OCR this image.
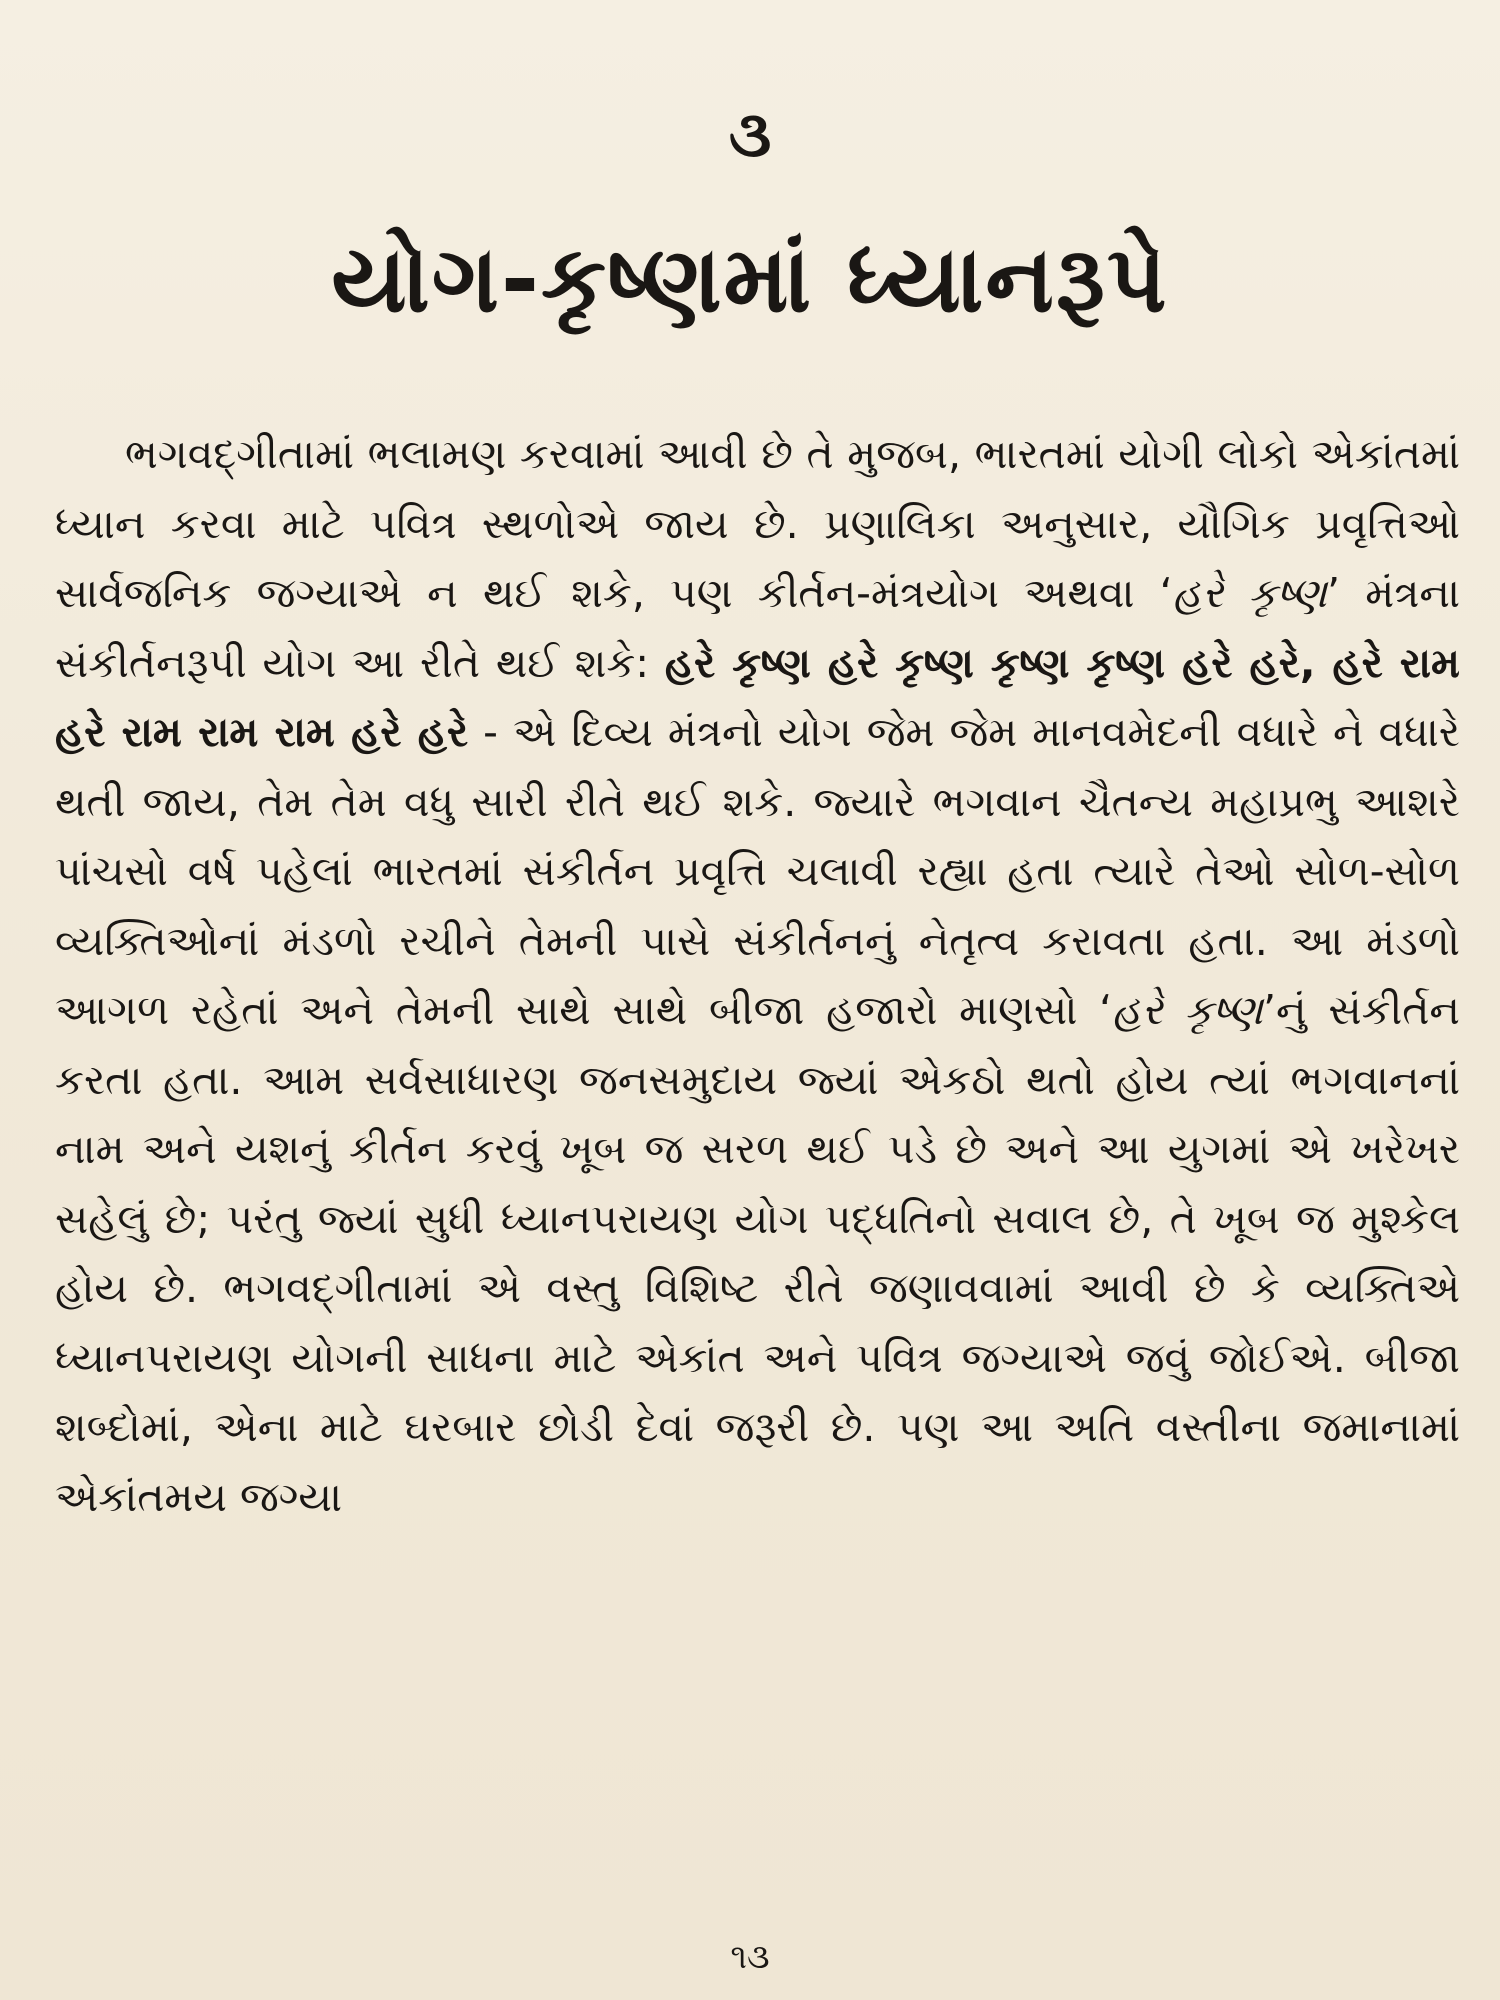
૩
યોગ-કૃષ્ણમાં ધ્યાનરૂપે

ભગવદ્ગીતામાં ભલામણ કરવામાં આવી છે તે મુજબ, ભારતમાં યોગી લોકો એકાંતમાં ધ્યાન કરવા માટે પવિત્ર સ્થળોએ જાય છે. પ્રણાલિકા અનુસાર, યૌગિક પ્રવૃત્તિઓ સાર્વજનિક જગ્યાએ ન થઈ શકે, પણ કીર્તન-મંત્રયોગ અથવા ‘હરે કૃષ્ણ’ મંત્રના સંકીર્તનરૂપી યોગ આ રીતે થઈ શકે: હરે કૃષ્ણ હરે કૃષ્ણ કૃષ્ણ કૃષ્ણ હરે હરે, હરે રામ હરે રામ રામ રામ હરે હરે - એ દિવ્ય મંત્રનો યોગ જેમ જેમ માનવમેદની વધારે ને વધારે થતી જાય, તેમ તેમ વધુ સારી રીતે થઈ શકે. જ્યારે ભગવાન ચૈતન્ય મહાપ્રભુ આશરે પાંચસો વર્ષ પહેલાં ભારતમાં સંકીર્તન પ્રવૃત્તિ ચલાવી રહ્યા હતા ત્યારે તેઓ સોળ-સોળ વ્યક્તિઓનાં મંડળો રચીને તેમની પાસે સંકીર્તનનું નેતૃત્વ કરાવતા હતા. આ મંડળો આગળ રહેતાં અને તેમની સાથે સાથે બીજા હજારો માણસો ‘હરે કૃષ્ણ’નું સંકીર્તન કરતા હતા. આમ સર્વસાધારણ જનસમુદાય જ્યાં એકઠો થતો હોય ત્યાં ભગવાનનાં નામ અને યશનું કીર્તન કરવું ખૂબ જ સરળ થઈ પડે છે અને આ યુગમાં એ ખરેખર સહેલું છે; પરંતુ જ્યાં સુધી ધ્યાનપરાયણ યોગ પદ્ધતિનો સવાલ છે, તે ખૂબ જ મુશ્કેલ હોય છે. ભગવદ્ગીતામાં એ વસ્તુ વિશિષ્ટ રીતે જણાવવામાં આવી છે કે વ્યક્તિએ ધ્યાનપરાયણ યોગની સાધના માટે એકાંત અને પવિત્ર જગ્યાએ જવું જોઈએ. બીજા શબ્દોમાં, એના માટે ઘરબાર છોડી દેવાં જરૂરી છે. પણ આ અતિ વસ્તીના જમાનામાં એકાંતમય જગ્યા

૧૩
